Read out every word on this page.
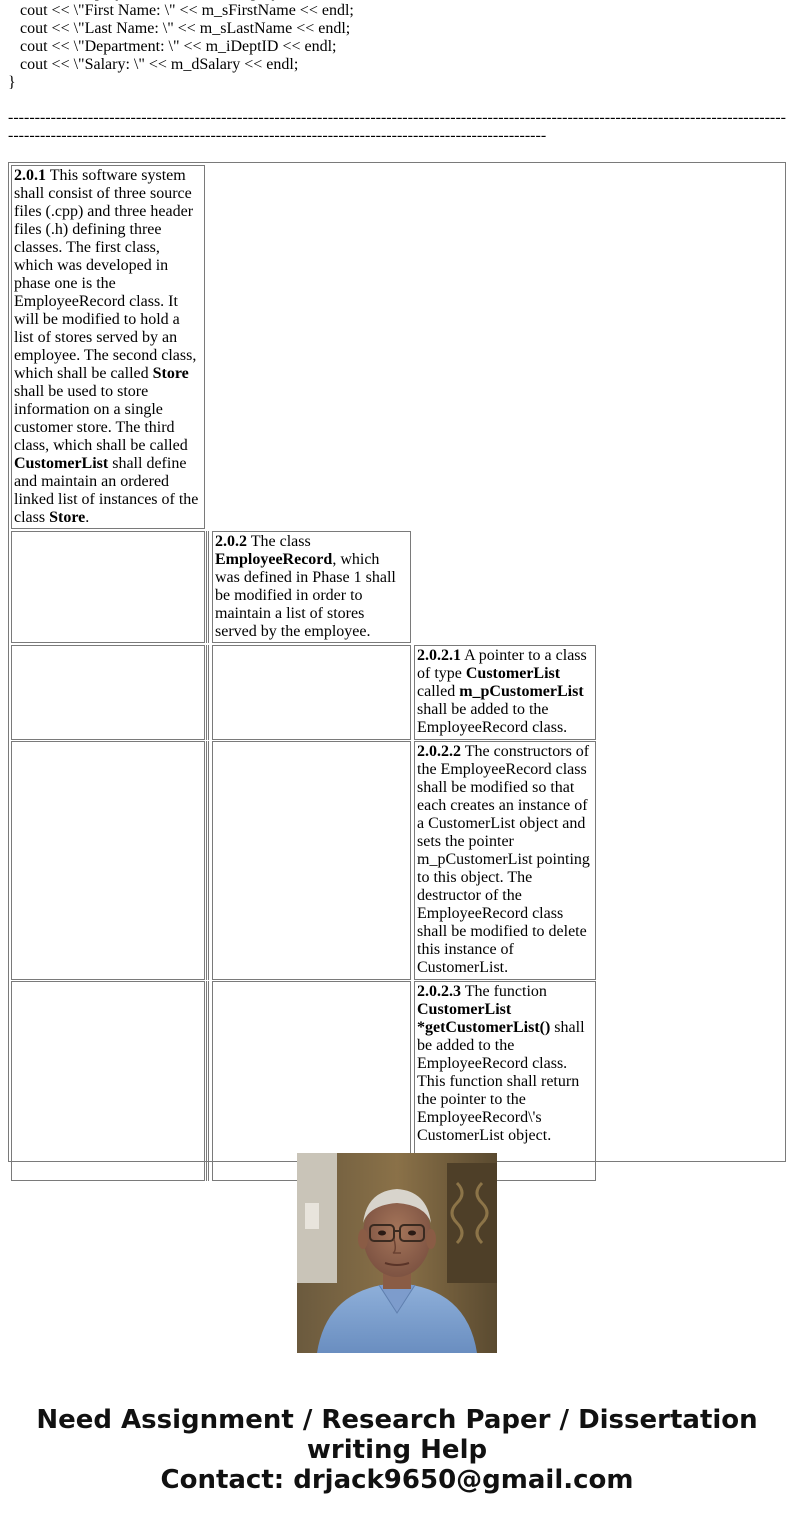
cout << \"First Name: \" << m_sFirstName << endl;
cout << \"Last Name: \" << m_sLastName << endl;
cout << \"Department: \" << m_iDeptID << endl;
cout << \"Salary: \" << m_dSalary << endl;
}
-------------------------------------------------------------------------------------------------------------------------------------------------------------------------------------------------------------------------------------------------------
2.0.1 This software system shall consist of three source files (.cpp) and three header files (.h) defining three classes. The first class, which was developed in phase one is the EmployeeRecord class. It will be modified to hold a list of stores served by an employee. The second class, which shall be called Store shall be used to store information on a single customer store. The third class, which shall be called CustomerList shall define and maintain an ordered linked list of instances of the class Store.
2.0.2 The class EmployeeRecord, which was defined in Phase 1 shall be modified in order to maintain a list of stores served by the employee.
2.0.2.1 A pointer to a class of type CustomerList called m_pCustomerList shall be added to the EmployeeRecord class.
2.0.2.2 The constructors of the EmployeeRecord class shall be modified so that each creates an instance of a CustomerList object and sets the pointer m_pCustomerList pointing to this object. The destructor of the EmployeeRecord class shall be modified to delete this instance of CustomerList.
2.0.2.3 The function CustomerList *getCustomerList() shall be added to the EmployeeRecord class. This function shall return the pointer to the EmployeeRecord\'s CustomerList object.
Need Assignment / Research Paper / Dissertation
writing Help
Contact: drjack9650@gmail.com
